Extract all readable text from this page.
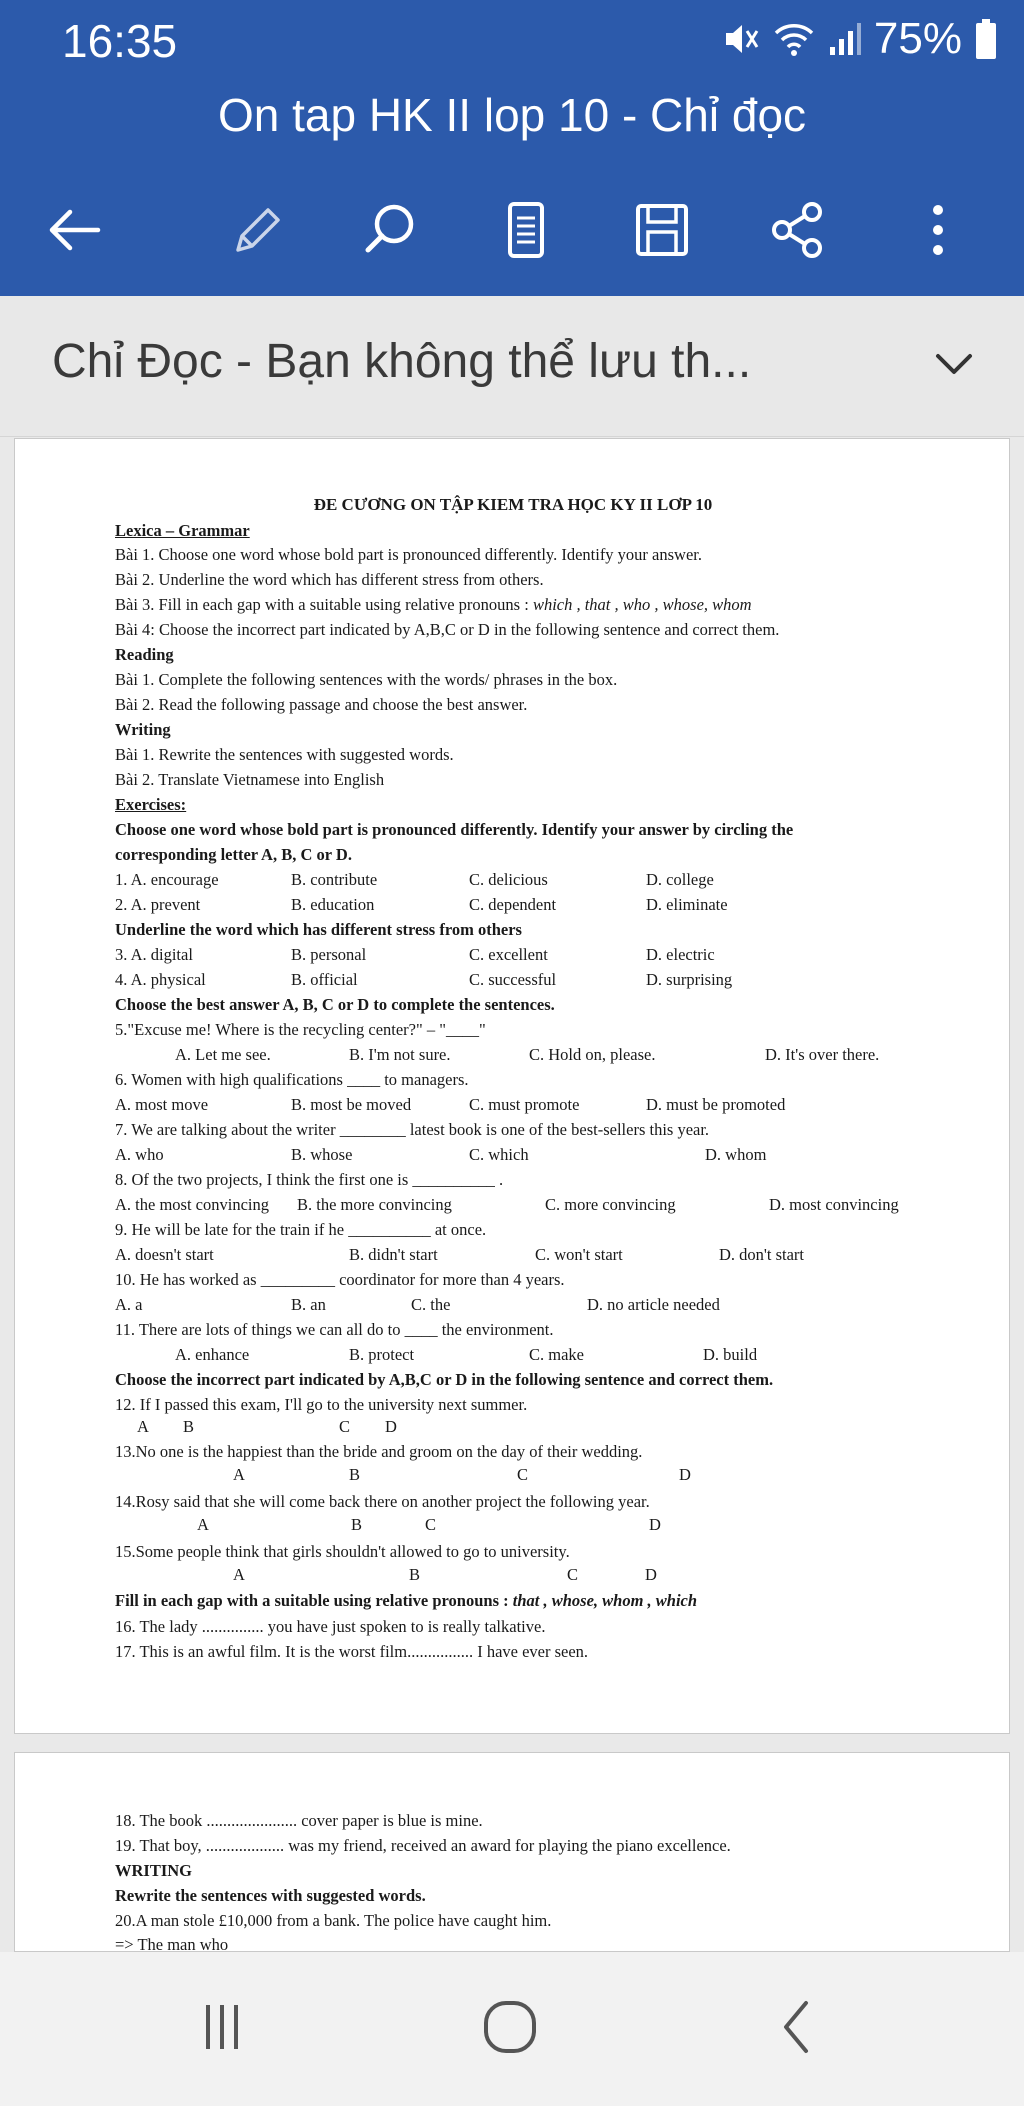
16:35	75%
On tap HK II lop 10 - Chỉ đọc
Chỉ Đọc - Bạn không thể lưu th...
ĐE CƯƠNG ON TẬP KIEM TRA HỌC KY II LƠP 10
Lexica – Grammar
Bài 1. Choose one word whose bold part is pronounced differently. Identify your answer.
Bài 2. Underline the word which has different stress from others.
Bài 3. Fill in each gap with a suitable using relative pronouns : which , that , who , whose, whom
Bài 4: Choose the incorrect part indicated by A,B,C or D in the following sentence and correct them.
Reading
Bài 1. Complete the following sentences with the words/ phrases in the box.
Bài 2. Read the following passage and choose the best answer.
Writing
Bài 1. Rewrite the sentences with suggested words.
Bài 2. Translate Vietnamese into English
Exercises:
Choose one word whose bold part is pronounced differently. Identify your answer by circling the
corresponding letter A, B, C or D.
1. A. encourage	B. contribute	C. delicious	D. college
2. A. prevent	B. education	C. dependent	D. eliminate
Underline the word which has different stress from others
3. A. digital	B. personal	C. excellent	D. electric
4. A. physical	B. official	C. successful	D. surprising
Choose the best answer A, B, C or D to complete the sentences.
5."Excuse me! Where is the recycling center?" – "____"
A. Let me see.	B. I'm not sure.	C. Hold on, please.	D. It's over there.
6. Women with high qualifications ____ to managers.
A. most move	B. most be moved	C. must promote	D. must be promoted
7. We are talking about the writer ________ latest book is one of the best-sellers this year.
A. who	B. whose	C. which	D. whom
8. Of the two projects, I think the first one is __________ .
A. the most convincing B. the more convincing	C. more convincing	D. most convincing
9. He will be late for the train if he __________ at once.
A. doesn't start	B. didn't start	C. won't start	D. don't start
10. He has worked as _________ coordinator for more than 4 years.
A. a	B. an	C. the	D. no article needed
11. There are lots of things we can all do to ____ the environment.
A. enhance	B. protect	C. make	D. build
Choose the incorrect part indicated by A,B,C or D in the following sentence and correct them.
12. If I passed this exam, I'll go to the university next summer.
A B	C D
13.No one is the happiest than the bride and groom on the day of their wedding.
A	B	C	D
14.Rosy said that she will come back there on another project the following year.
A	B	C	D
15.Some people think that girls shouldn't allowed to go to university.
A	B	C	D
Fill in each gap with a suitable using relative pronouns : that , whose, whom , which
16. The lady ............... you have just spoken to is really talkative.
17. This is an awful film. It is the worst film................ I have ever seen.
18. The book ...................... cover paper is blue is mine.
19. That boy, ................... was my friend, received an award for playing the piano excellence.
WRITING
Rewrite the sentences with suggested words.
20.A man stole £10,000 from a bank. The police have caught him.
=> The man who
